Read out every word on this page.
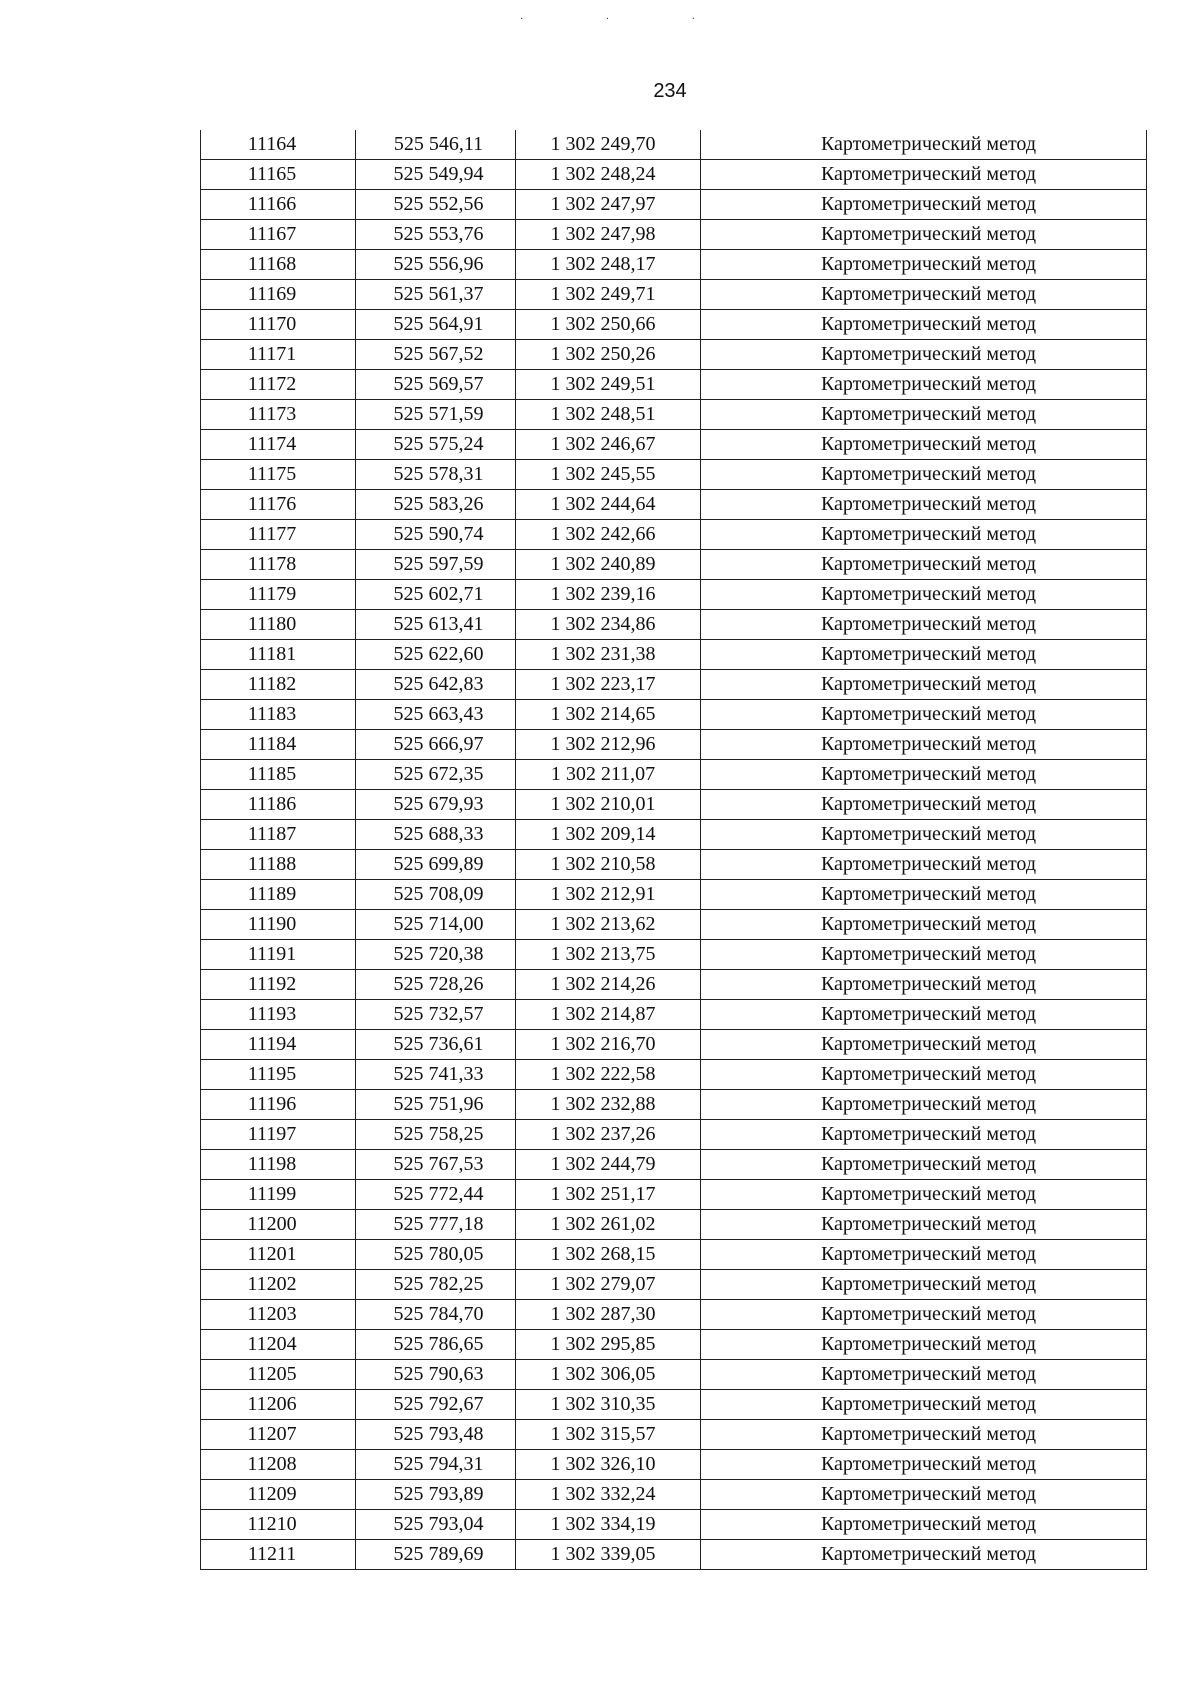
· · ·
234
11164	525 546,11	1 302 249,70	Картометрический метод
11165	525 549,94	1 302 248,24	Картометрический метод
11166	525 552,56	1 302 247,97	Картометрический метод
11167	525 553,76	1 302 247,98	Картометрический метод
11168	525 556,96	1 302 248,17	Картометрический метод
11169	525 561,37	1 302 249,71	Картометрический метод
11170	525 564,91	1 302 250,66	Картометрический метод
11171	525 567,52	1 302 250,26	Картометрический метод
11172	525 569,57	1 302 249,51	Картометрический метод
11173	525 571,59	1 302 248,51	Картометрический метод
11174	525 575,24	1 302 246,67	Картометрический метод
11175	525 578,31	1 302 245,55	Картометрический метод
11176	525 583,26	1 302 244,64	Картометрический метод
11177	525 590,74	1 302 242,66	Картометрический метод
11178	525 597,59	1 302 240,89	Картометрический метод
11179	525 602,71	1 302 239,16	Картометрический метод
11180	525 613,41	1 302 234,86	Картометрический метод
11181	525 622,60	1 302 231,38	Картометрический метод
11182	525 642,83	1 302 223,17	Картометрический метод
11183	525 663,43	1 302 214,65	Картометрический метод
11184	525 666,97	1 302 212,96	Картометрический метод
11185	525 672,35	1 302 211,07	Картометрический метод
11186	525 679,93	1 302 210,01	Картометрический метод
11187	525 688,33	1 302 209,14	Картометрический метод
11188	525 699,89	1 302 210,58	Картометрический метод
11189	525 708,09	1 302 212,91	Картометрический метод
11190	525 714,00	1 302 213,62	Картометрический метод
11191	525 720,38	1 302 213,75	Картометрический метод
11192	525 728,26	1 302 214,26	Картометрический метод
11193	525 732,57	1 302 214,87	Картометрический метод
11194	525 736,61	1 302 216,70	Картометрический метод
11195	525 741,33	1 302 222,58	Картометрический метод
11196	525 751,96	1 302 232,88	Картометрический метод
11197	525 758,25	1 302 237,26	Картометрический метод
11198	525 767,53	1 302 244,79	Картометрический метод
11199	525 772,44	1 302 251,17	Картометрический метод
11200	525 777,18	1 302 261,02	Картометрический метод
11201	525 780,05	1 302 268,15	Картометрический метод
11202	525 782,25	1 302 279,07	Картометрический метод
11203	525 784,70	1 302 287,30	Картометрический метод
11204	525 786,65	1 302 295,85	Картометрический метод
11205	525 790,63	1 302 306,05	Картометрический метод
11206	525 792,67	1 302 310,35	Картометрический метод
11207	525 793,48	1 302 315,57	Картометрический метод
11208	525 794,31	1 302 326,10	Картометрический метод
11209	525 793,89	1 302 332,24	Картометрический метод
11210	525 793,04	1 302 334,19	Картометрический метод
11211	525 789,69	1 302 339,05	Картометрический метод
